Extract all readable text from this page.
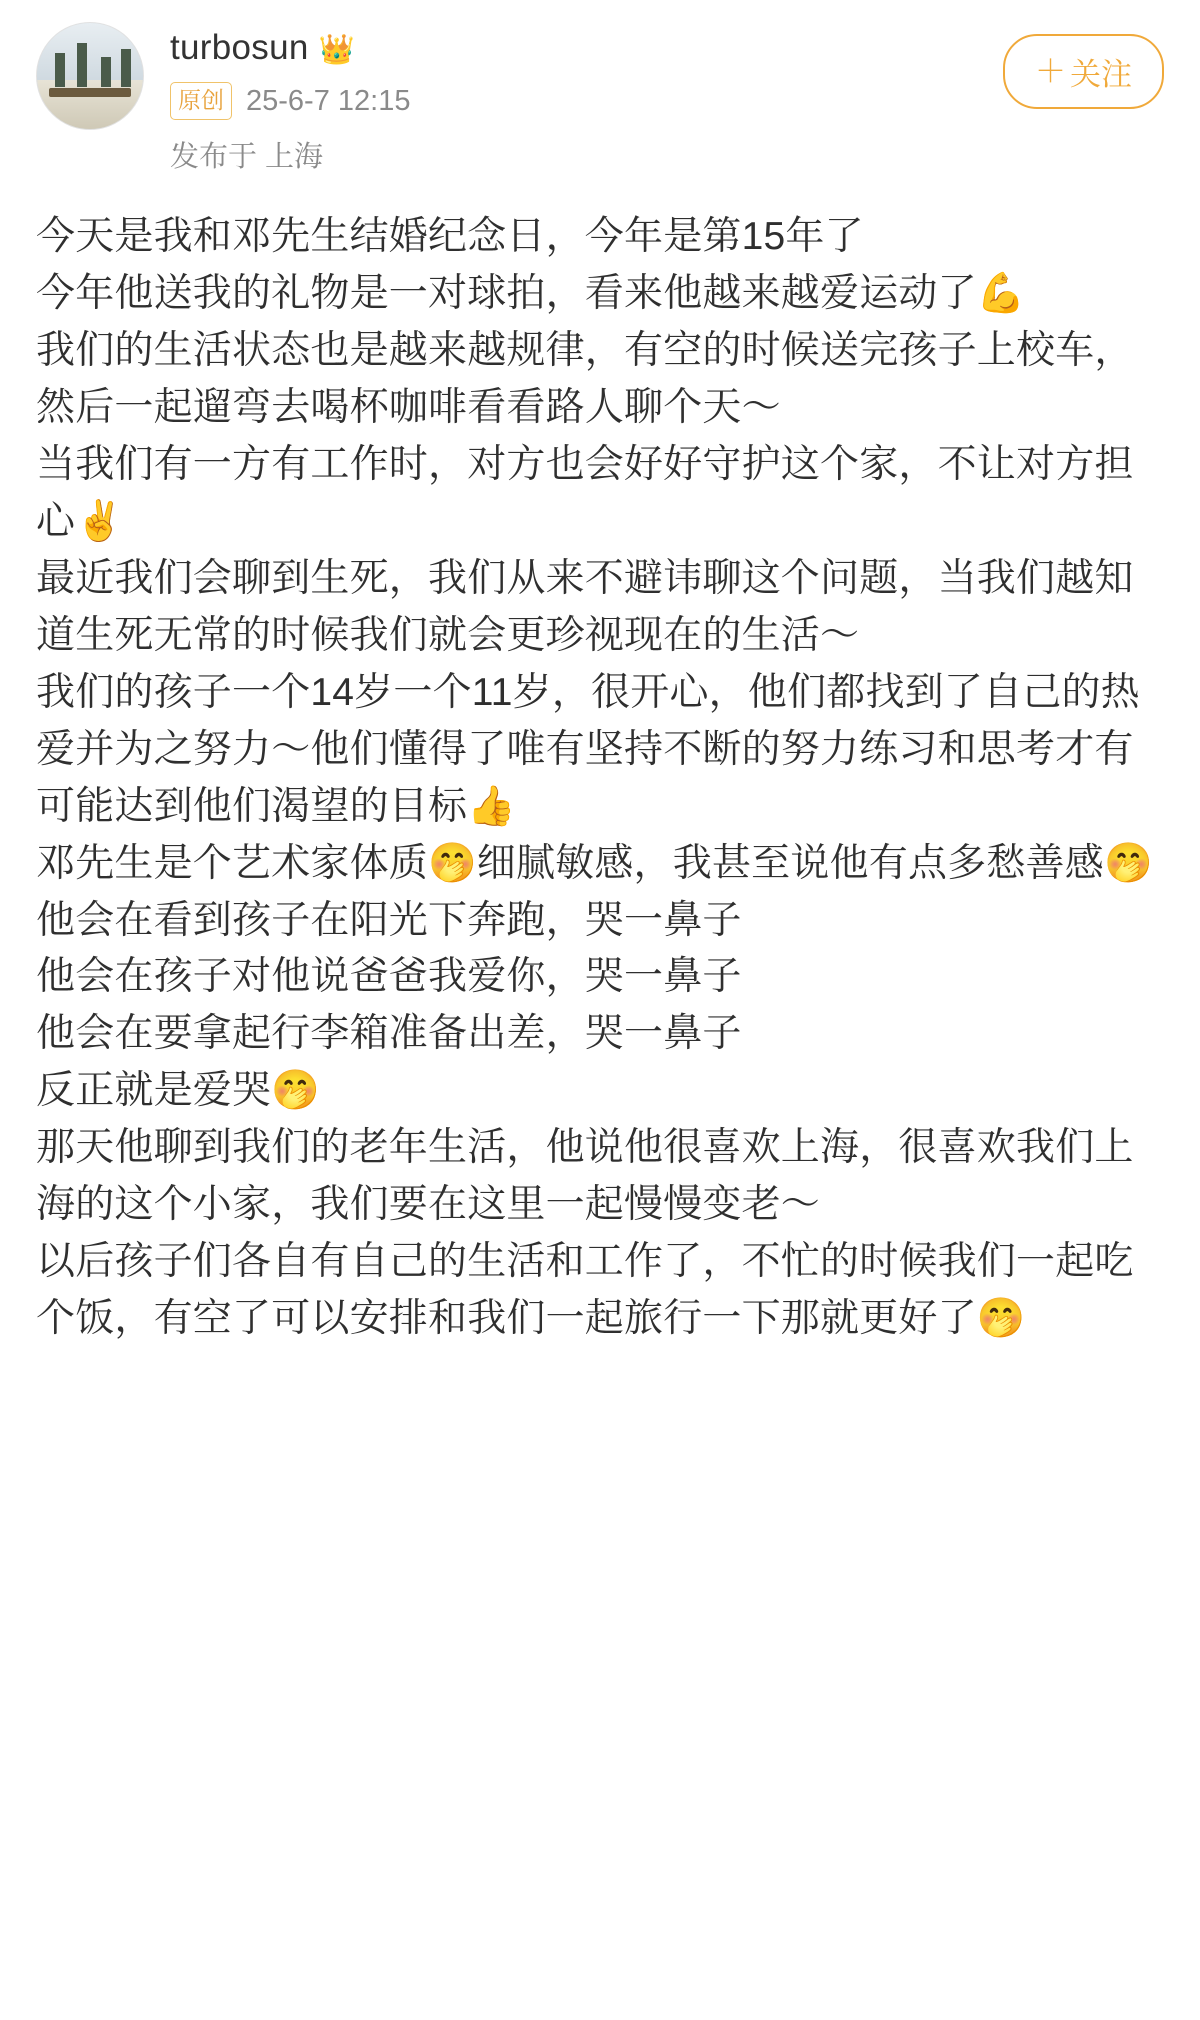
turbosun 👑
原创 25-6-7 12:15
发布于 上海
＋ 关注

今天是我和邓先生结婚纪念日，今年是第15年了

今年他送我的礼物是一对球拍，看来他越来越爱运动了💪

我们的生活状态也是越来越规律，有空的时候送完孩子上校车，然后一起遛弯去喝杯咖啡看看路人聊个天～

当我们有一方有工作时，对方也会好好守护这个家，不让对方担心✌️

最近我们会聊到生死，我们从来不避讳聊这个问题，当我们越知道生死无常的时候我们就会更珍视现在的生活～

我们的孩子一个14岁一个11岁，很开心，他们都找到了自己的热爱并为之努力～他们懂得了唯有坚持不断的努力练习和思考才有可能达到他们渴望的目标👍

邓先生是个艺术家体质🤭细腻敏感，我甚至说他有点多愁善感🤭

他会在看到孩子在阳光下奔跑，哭一鼻子

他会在孩子对他说爸爸我爱你，哭一鼻子

他会在要拿起行李箱准备出差，哭一鼻子

反正就是爱哭🤭

那天他聊到我们的老年生活，他说他很喜欢上海，很喜欢我们上海的这个小家，我们要在这里一起慢慢变老～

以后孩子们各自有自己的生活和工作了，不忙的时候我们一起吃个饭，有空了可以安排和我们一起旅行一下那就更好了🤭
